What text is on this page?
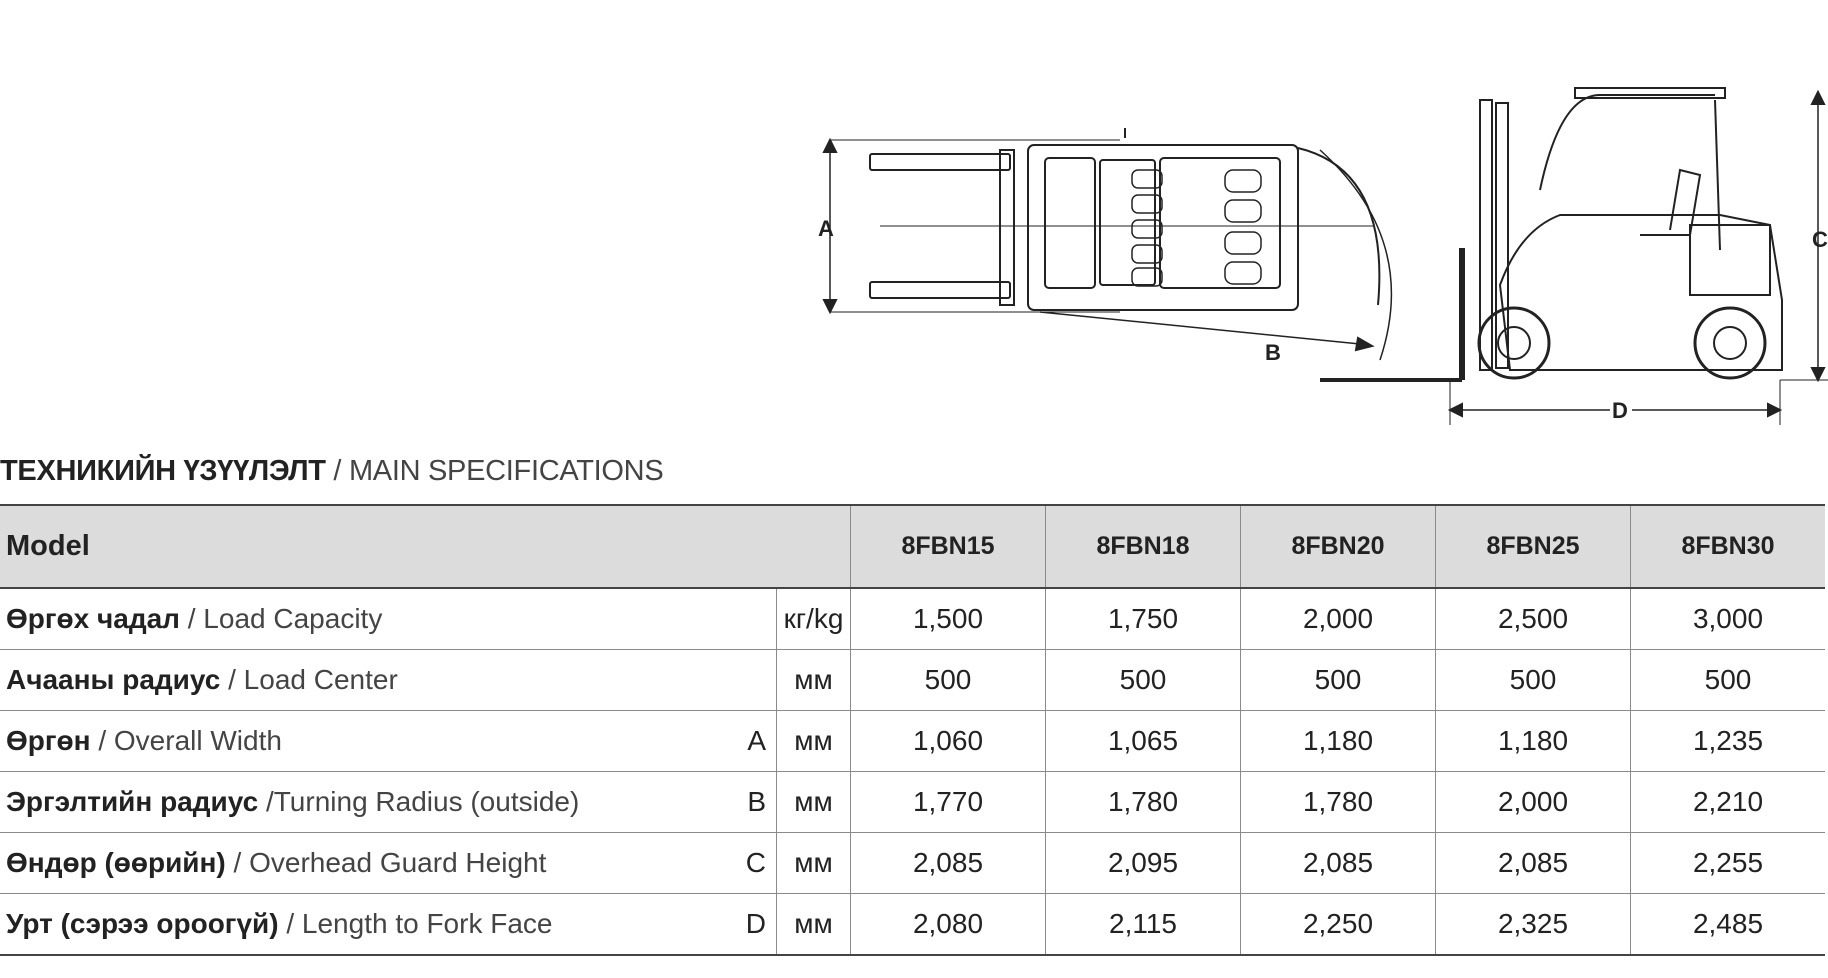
A
B
C
D
ТЕХНИКИЙН ҮЗҮҮЛЭЛТ / MAIN SPECIFICATIONS
Model			8FBN15	8FBN18	8FBN20	8FBN25	8FBN30
Өргөх чадал / Load Capacity		кг/kg	1,500	1,750	2,000	2,500	3,000
Ачааны радиус / Load Center		мм	500	500	500	500	500
Өргөн / Overall Width	A	мм	1,060	1,065	1,180	1,180	1,235
Эргэлтийн радиус /Turning Radius (outside)	B	мм	1,770	1,780	1,780	2,000	2,210
Өндөр (өөрийн) / Overhead Guard Height	C	мм	2,085	2,095	2,085	2,085	2,255
Урт (сэрээ ороогүй) / Length to Fork Face	D	мм	2,080	2,115	2,250	2,325	2,485
